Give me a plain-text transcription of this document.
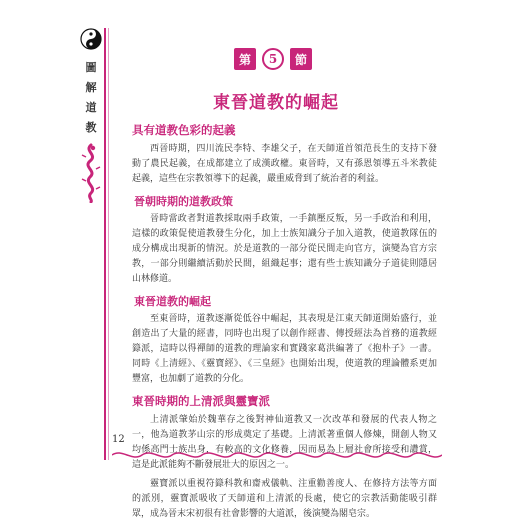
圖
解
道
教
第	5	節
東晉道教的崛起
具有道教色彩的起義

西晉時期，四川流民李特、李雄父子，在天師道首領范長生的支持下發動了農民起義，在成都建立了成漢政權。東晉時，又有孫恩領導五斗米教徒起義，這些在宗教領導下的起義，嚴重威脅到了統治者的利益。

晉朝時期的道教政策

晉時當政者對道教採取兩手政策，一手鎮壓反叛，另一手政治和利用，這樣的政策促使道教發生分化，加上士族知識分子加入道教，使道教隊伍的成分構成出現新的情況。於是道教的一部分從民間走向官方，演變為官方宗教，一部分則繼續活動於民間，組織起事；還有些士族知識分子道徒則隱居山林修道。

東晉道教的崛起

至東晉時，道教逐漸從低谷中崛起，其表現是江東天師道開始盛行，並創造出了大量的經書，同時也出現了以創作經書、傳授經法為首務的道教經籙派，這時以得禪師的道教的理論家和實踐家葛洪編著了《抱朴子》一書。同時《上清經》、《靈寶經》、《三皇經》也開始出現，使道教的理論體系更加豐富，也加劇了道教的分化。

東晉時期的上清派與靈寶派

上清派肇始於魏華存之後對神仙道教又一次改革和發展的代表人物之一，他為道教茅山宗的形成奠定了基礎。上清派著重個人修煉，開創人物又均係高門士族出身，有較高的文化修養，因而易為上層社會所接受和讚賞，這是此派能夠不斷發展壯大的原因之一。

靈寶派以重視符籙科教和齋戒儀軌、注重勸善度人、在修持方法等方面的派別，靈寶派吸收了天師道和上清派的長處，使它的宗教活動能吸引群眾，成為晉末宋初很有社會影響的大道派，後演變為閣皂宗。

12
